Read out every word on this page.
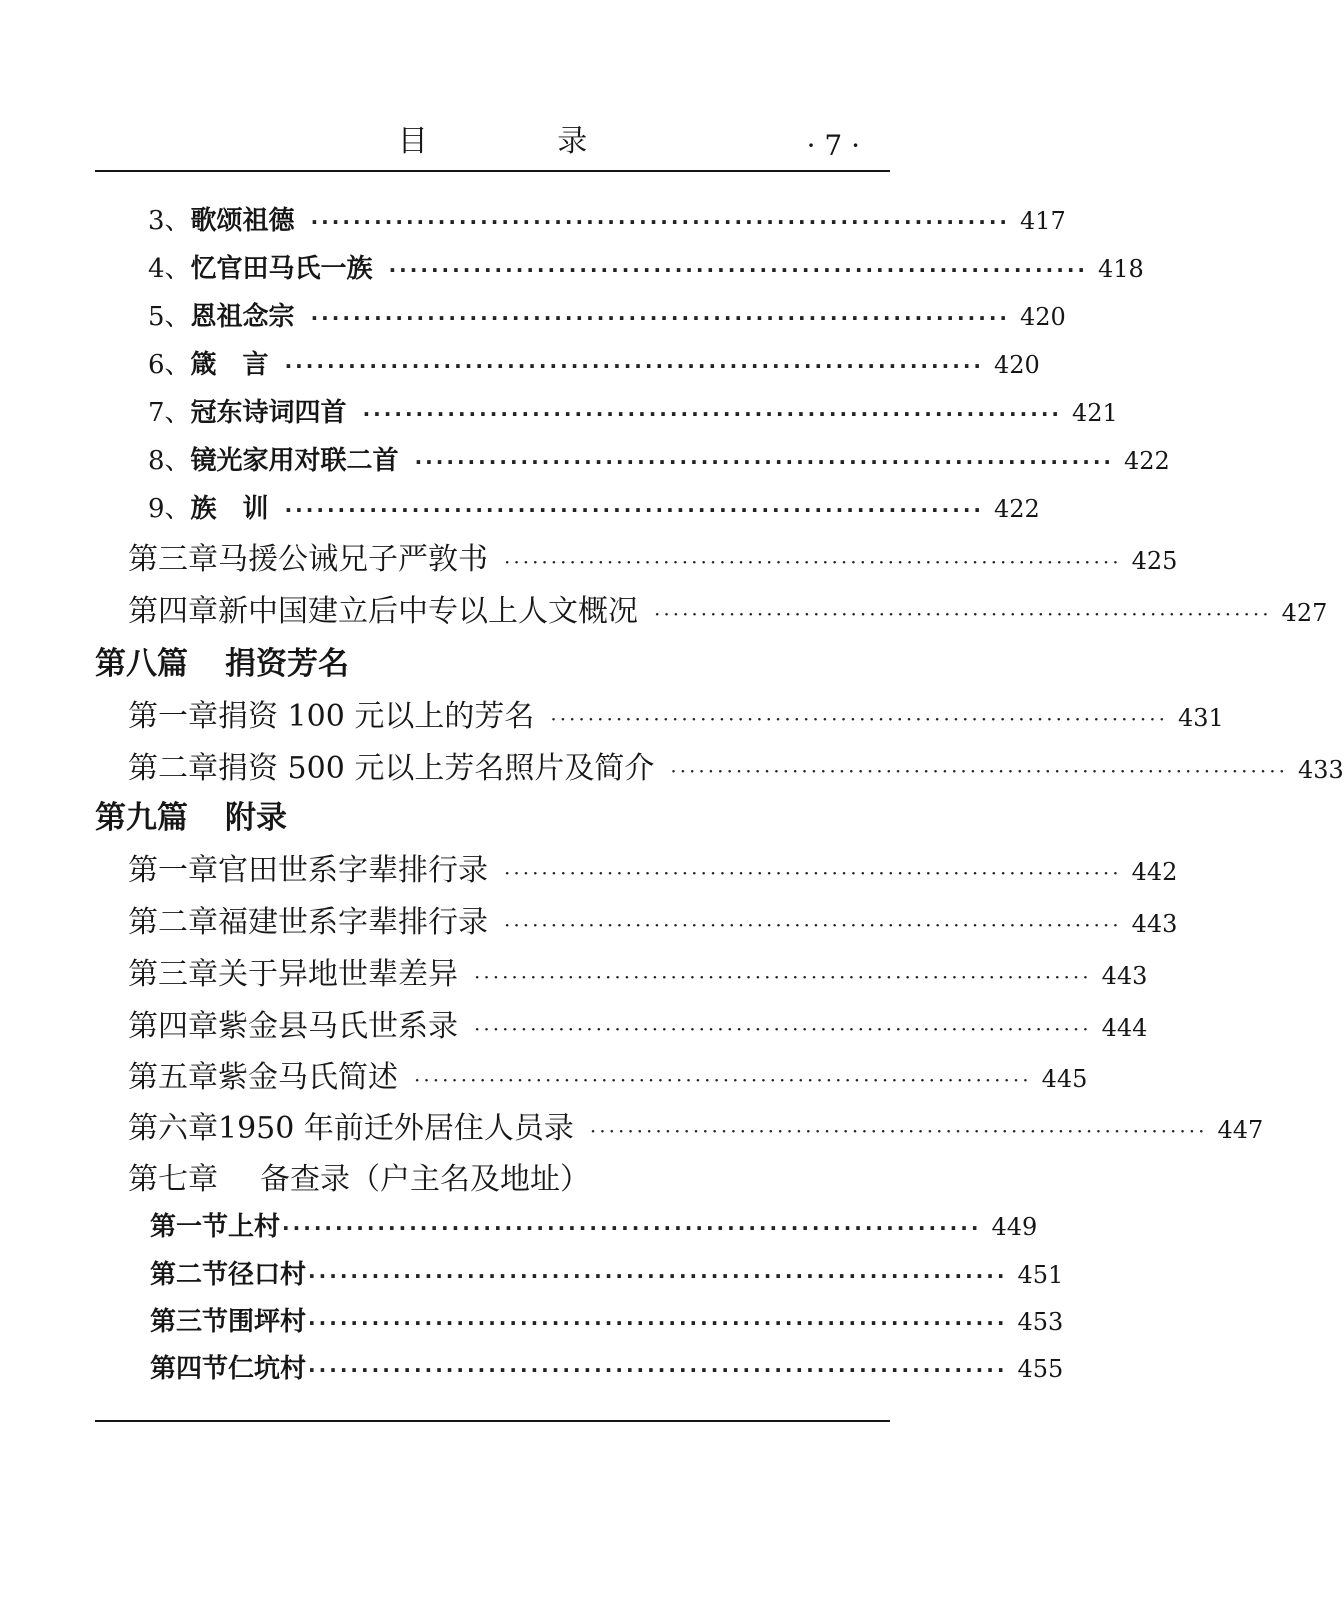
目 录	· 7 ·
3、 歌颂祖德 ·································································· 417
4、 忆官田马氏一族 ·································································· 418
5、 恩祖念宗 ·································································· 420
6、 箴　言 ·································································· 420
7、 冠东诗词四首 ·································································· 421
8、 镜光家用对联二首 ·································································· 422
9、 族　训 ·································································· 422
第三章 马援公诫兄子严敦书 ·································································· 425
第四章 新中国建立后中专以上人文概况 ·································································· 427
第八篇 捐资芳名
第一章 捐资 100 元以上的芳名 ·································································· 431
第二章 捐资 500 元以上芳名照片及简介 ·································································· 433
第九篇 附录
第一章 官田世系字辈排行录 ·································································· 442
第二章 福建世系字辈排行录 ·································································· 443
第三章 关于异地世辈差异 ·································································· 443
第四章 紫金县马氏世系录 ·································································· 444
第五章 紫金马氏简述 ·································································· 445
第六章 1950 年前迁外居住人员录 ·································································· 447
第七章	备查录（户主名及地址）
第一节 上村 ·································································· 449
第二节 径口村 ·································································· 451
第三节 围坪村 ·································································· 453
第四节 仁坑村 ·································································· 455
